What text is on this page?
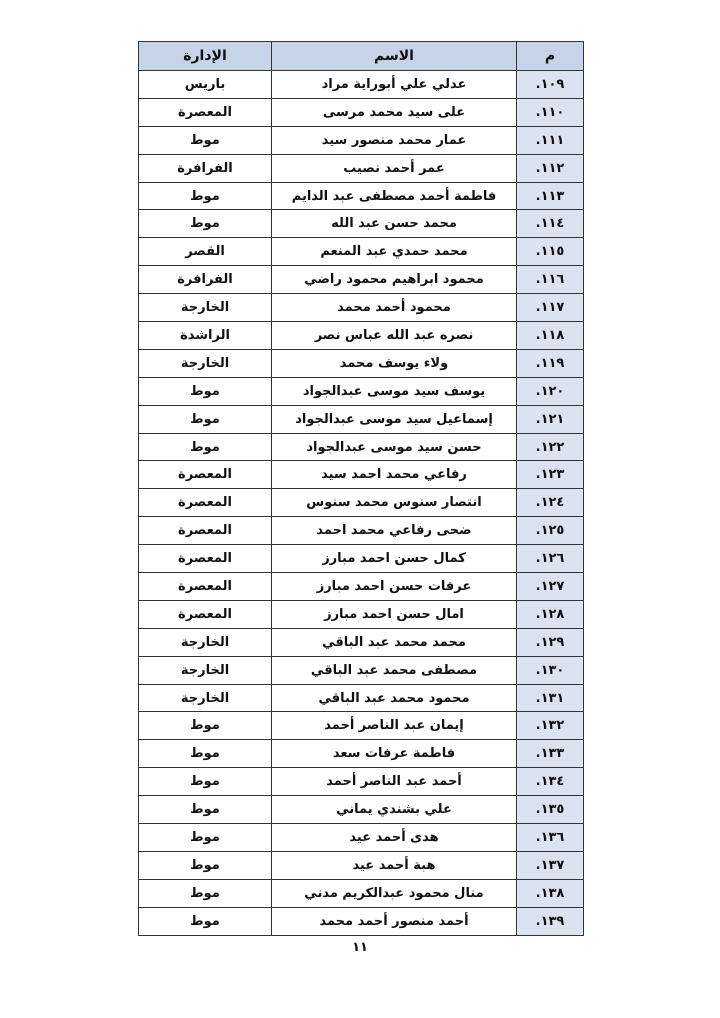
م	الاسم	الإدارة
١٠٩.	عدلي علي أبوراية مراد	باريس
١١٠.	على سيد محمد مرسى	المعصرة
١١١.	عمار محمد منصور سيد	موط
١١٢.	عمر أحمد نصيب	الفرافرة
١١٣.	فاطمة أحمد مصطفى عبد الدايم	موط
١١٤.	محمد حسن عبد الله	موط
١١٥.	محمد حمدي عبد المنعم	القصر
١١٦.	محمود ابراهيم محمود راضي	الفرافرة
١١٧.	محمود أحمد محمد	الخارجة
١١٨.	نصره عبد الله عباس نصر	الراشدة
١١٩.	ولاء يوسف محمد	الخارجة
١٢٠.	يوسف سيد موسى عبدالجواد	موط
١٢١.	إسماعيل سيد موسى عبدالجواد	موط
١٢٢.	حسن سيد موسى عبدالجواد	موط
١٢٣.	رفاعي محمد احمد سيد	المعصرة
١٢٤.	انتصار سنوس محمد سنوس	المعصرة
١٢٥.	ضحى رفاعي محمد احمد	المعصرة
١٢٦.	كمال حسن احمد مبارز	المعصرة
١٢٧.	عرفات حسن احمد مبارز	المعصرة
١٢٨.	امال حسن احمد مبارز	المعصرة
١٢٩.	محمد محمد عبد الباقي	الخارجة
١٣٠.	مصطفى محمد عبد الباقي	الخارجة
١٣١.	محمود محمد عبد الباقي	الخارجة
١٣٢.	إيمان عبد الناصر أحمد	موط
١٣٣.	فاطمة عرفات سعد	موط
١٣٤.	أحمد عبد الناصر أحمد	موط
١٣٥.	علي بشندي يماني	موط
١٣٦.	هدى أحمد عيد	موط
١٣٧.	هبة أحمد عيد	موط
١٣٨.	منال محمود عبدالكريم مدني	موط
١٣٩.	أحمد منصور أحمد محمد	موط
١١
